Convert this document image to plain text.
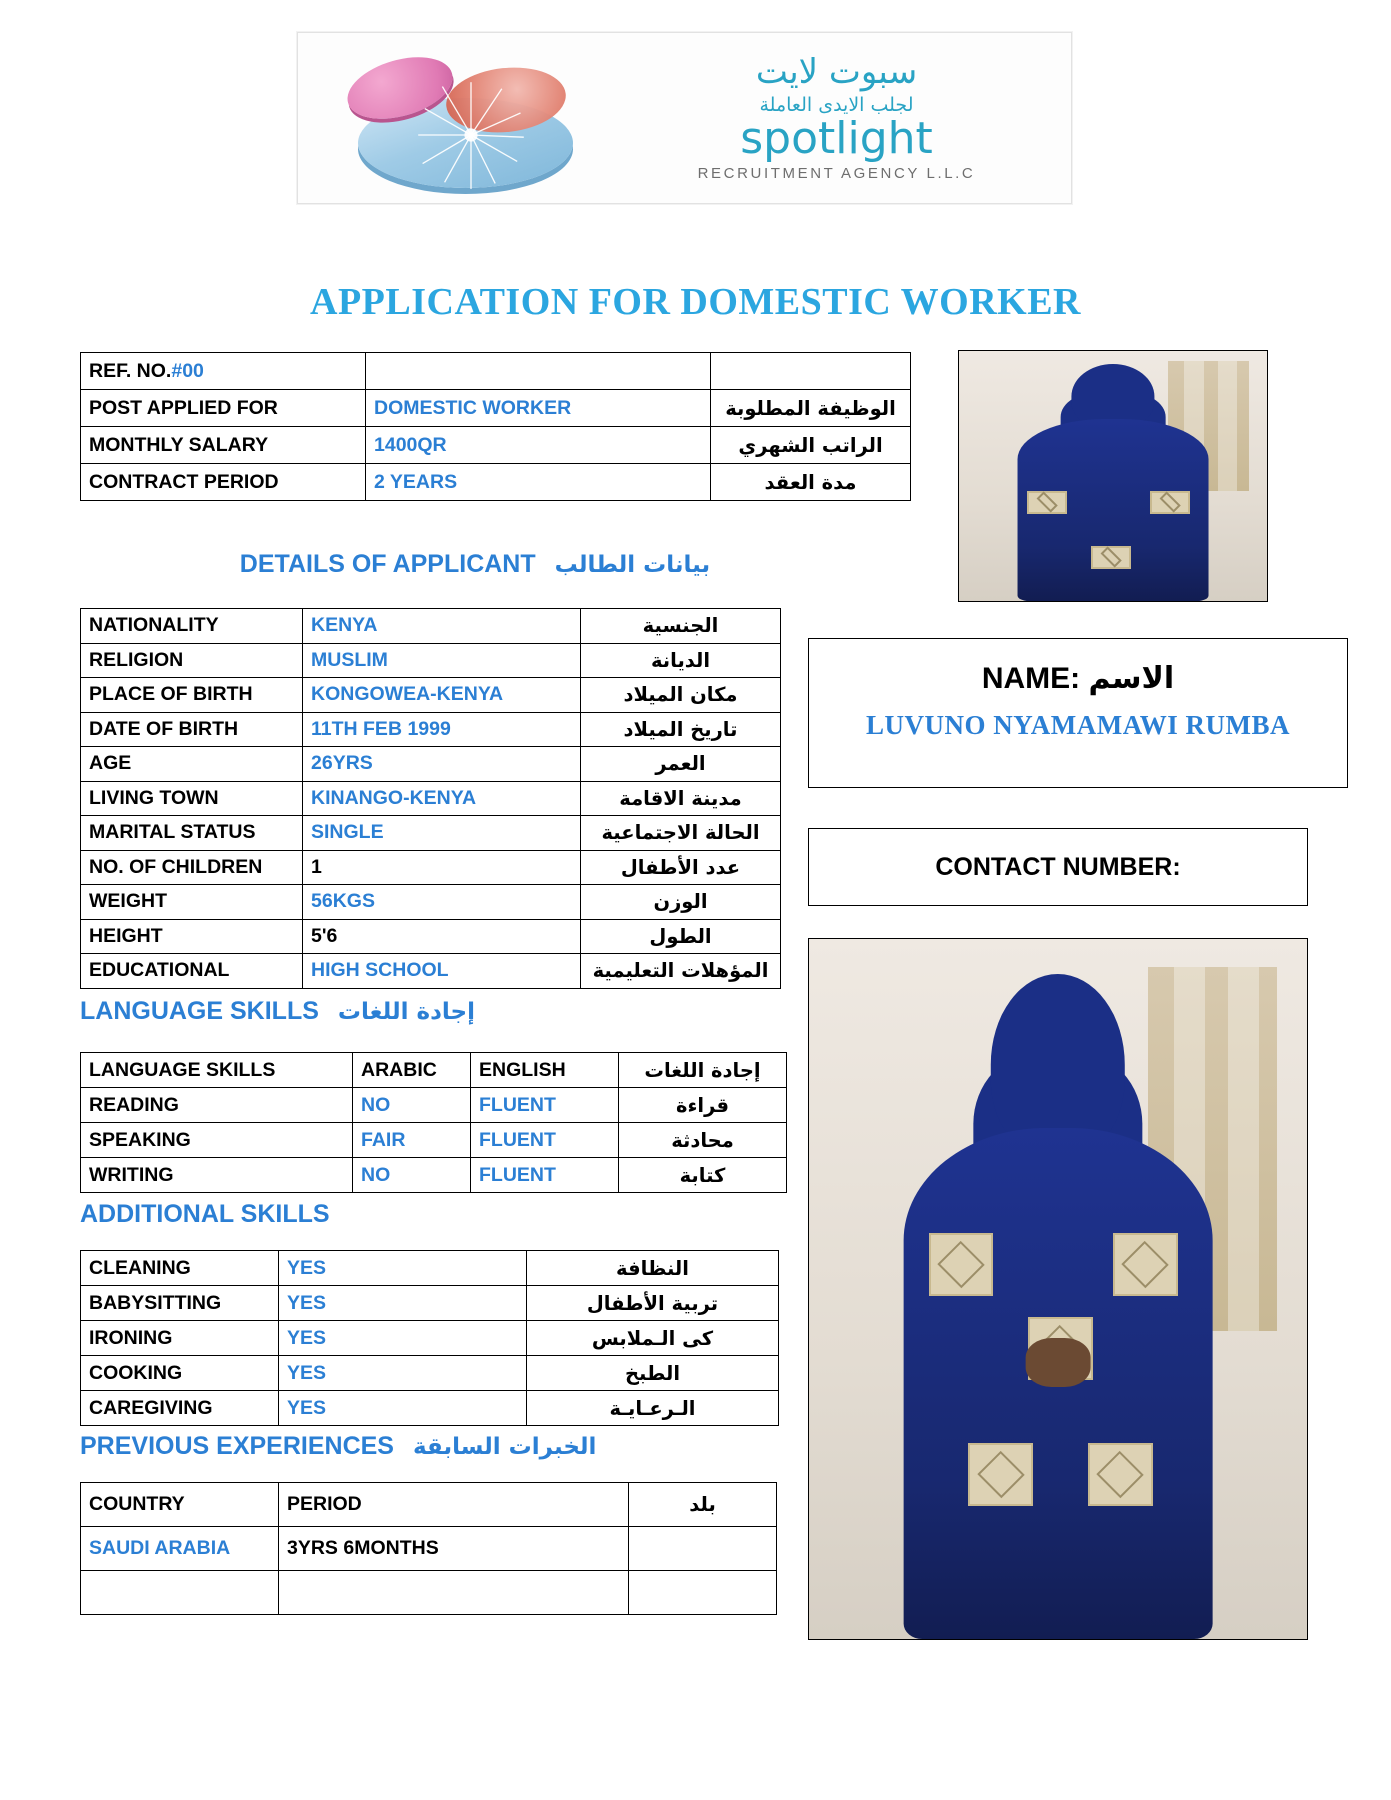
سبوت لايت
لجلب الايدى العاملة
spotlight
RECRUITMENT AGENCY L.L.C
APPLICATION FOR DOMESTIC WORKER
REF. NO.#00		
POST APPLIED FOR	DOMESTIC WORKER	الوظيفة المطلوبة
MONTHLY SALARY	1400QR	الراتب الشهري
CONTRACT PERIOD	2 YEARS	مدة العقد
DETAILS OF APPLICANT بيانات الطالب
NATIONALITY	KENYA	الجنسية
RELIGION	MUSLIM	الديانة
PLACE OF BIRTH	KONGOWEA-KENYA	مكان الميلاد
DATE OF BIRTH	11TH FEB 1999	تاريخ الميلاد
AGE	26YRS	العمر
LIVING TOWN	KINANGO-KENYA	مدينة الاقامة
MARITAL STATUS	SINGLE	الحالة الاجتماعية
NO. OF CHILDREN	1	عدد الأطفال
WEIGHT	56KGS	الوزن
HEIGHT	5'6	الطول
EDUCATIONAL	HIGH SCHOOL	المؤهلات التعليمية
NAME: الاسم
LUVUNO NYAMAMAWI RUMBA
CONTACT NUMBER:
LANGUAGE SKILLS إجادة اللغات
LANGUAGE SKILLS	ARABIC	ENGLISH	إجادة اللغات
READING	NO	FLUENT	قراءة
SPEAKING	FAIR	FLUENT	محادثة
WRITING	NO	FLUENT	كتابة
ADDITIONAL SKILLS
CLEANING	YES	النظافة
BABYSITTING	YES	تربية الأطفال
IRONING	YES	كى الـملابس
COOKING	YES	الطبخ
CAREGIVING	YES	الـرعـايـة
PREVIOUS EXPERIENCES الخبرات السابقة
COUNTRY	PERIOD	بلد
SAUDI ARABIA	3YRS 6MONTHS	
